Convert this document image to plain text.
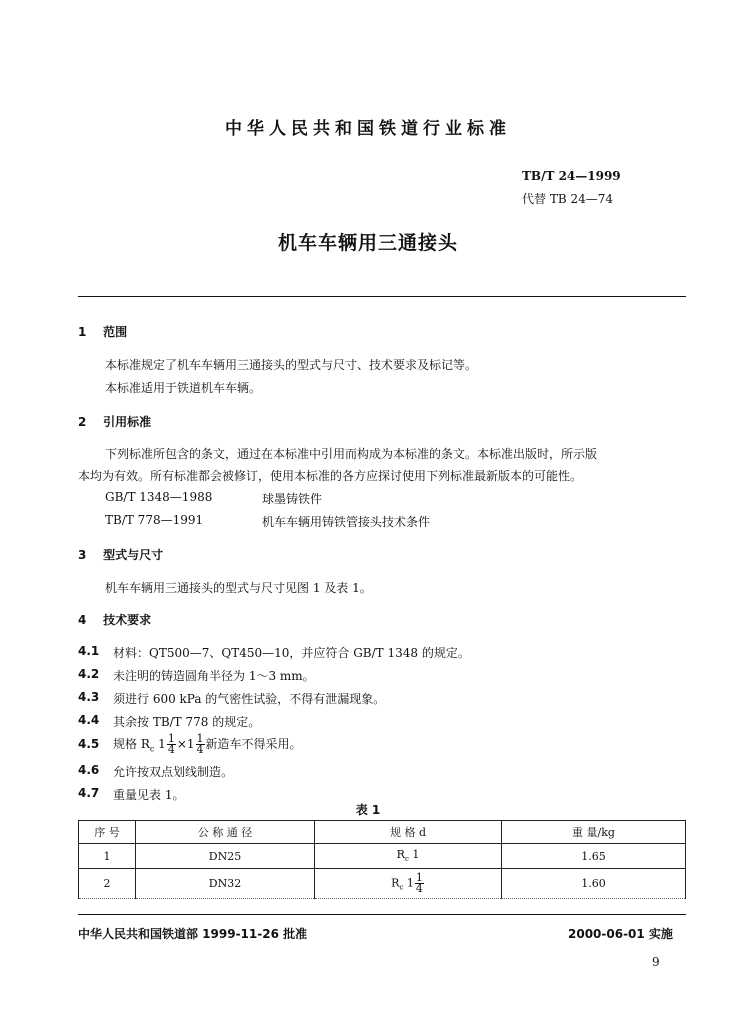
中华人民共和国铁道行业标准
TB/T 24—1999
代替 TB 24—74
机车车辆用三通接头
1 范围
本标准规定了机车车辆用三通接头的型式与尺寸、技术要求及标记等。
本标准适用于铁道机车车辆。
2 引用标准
下列标准所包含的条文，通过在本标准中引用而构成为本标准的条文。本标准出版时，所示版
本均为有效。所有标准都会被修订，使用本标准的各方应探讨使用下列标准最新版本的可能性。
GB/T 1348—1988	球墨铸铁件
TB/T 778—1991	机车车辆用铸铁管接头技术条件
3 型式与尺寸
机车车辆用三通接头的型式与尺寸见图 1 及表 1。
4 技术要求
4.1 材料：QT500—7、QT450—10，并应符合 GB/T 1348 的规定。
4.2 未注明的铸造圆角半径为 1～3 mm。
4.3 须进行 600 kPa 的气密性试验，不得有泄漏现象。
4.4 其余按 TB/T 778 的规定。
4.5 规格 $R_c$ $1 \frac{1}{4} \times 1 \frac{1}{4}$ 新造车不得采用。
4.6 允许按双点划线制造。
4.7 重量见表 1。
表 1
序 号	公 称 通 径	规 格 d	重 量/kg
1	DN25	$R_c$ 1	1.65
2	DN32	$R_c$ $1 \frac{1}{4}$	1.60
中华人民共和国铁道部 1999-11-26 批准	2000-06-01 实施
9
